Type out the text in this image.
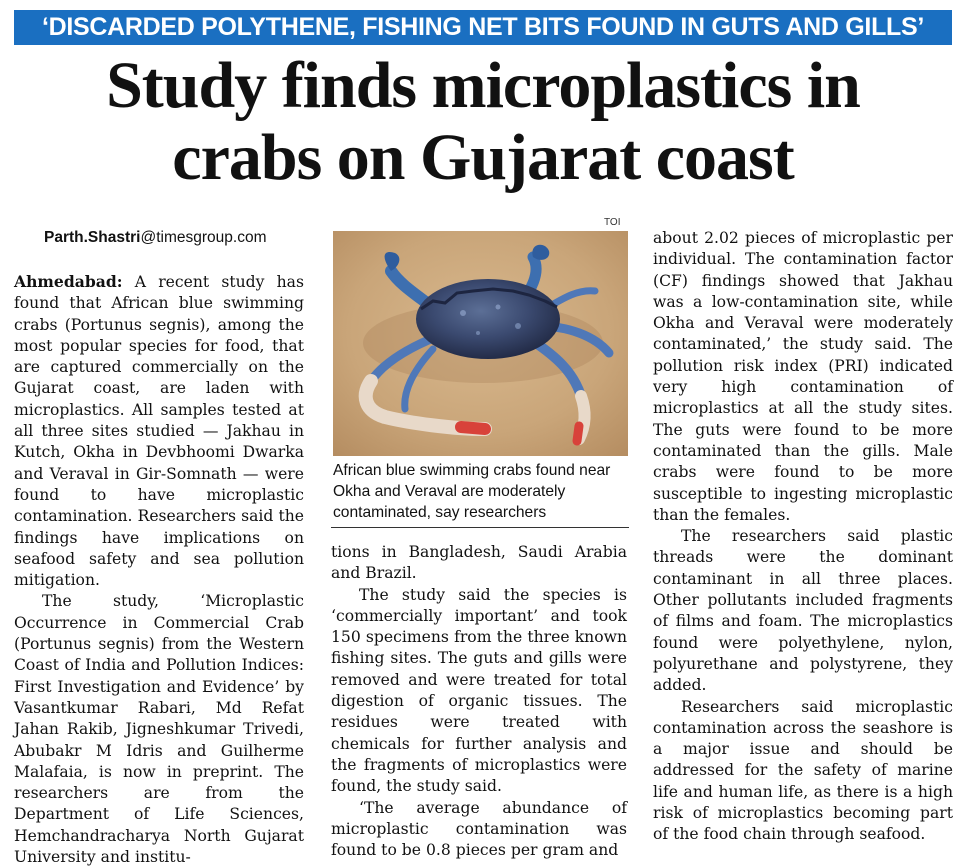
‘DISCARDED POLYTHENE, FISHING NET BITS FOUND IN GUTS AND GILLS’
Study finds microplastics in
crabs on Gujarat coast
Parth.Shastri@timesgroup.com

Ahmedabad: A recent study has found that African blue swimming crabs (Portunus segnis), among the most popular species for food, that are captured commercially on the Gujarat coast, are laden with microplastics. All samples tested at all three sites studied — Jakhau in Kutch, Okha in Devbhoomi Dwarka and Veraval in Gir-Somnath — were found to have microplastic contamination. Researchers said the findings have implications on seafood safety and sea pollution mitigation.

The study, ‘Microplastic Occurrence in Commercial Crab (Portunus segnis) from the Western Coast of India and Pollution Indices: First Investigation and Evidence’ by Vasantkumar Rabari, Md Refat Jahan Rakib, Jigneshkumar Trivedi, Abubakr M Idris and Guilherme Malafaia, is now in preprint. The researchers are from the Department of Life Sciences, Hemchandracharya North Gujarat University and institu-

TOI
African blue swimming crabs found near Okha and Veraval are moderately contaminated, say researchers

tions in Bangladesh, Saudi Arabia and Brazil.

The study said the species is ‘commercially important’ and took 150 specimens from the three known fishing sites. The guts and gills were removed and were treated for total digestion of organic tissues. The residues were treated with chemicals for further analysis and the fragments of microplastics were found, the study said.

‘The average abundance of microplastic contamination was found to be 0.8 pieces per gram and

about 2.02 pieces of microplastic per individual. The contamination factor (CF) findings showed that Jakhau was a low-contamination site, while Okha and Veraval were moderately contaminated,’ the study said. The pollution risk index (PRI) indicated very high contamination of microplastics at all the study sites. The guts were found to be more contaminated than the gills. Male crabs were found to be more susceptible to ingesting microplastic than the females.

The researchers said plastic threads were the dominant contaminant in all three places. Other pollutants included fragments of films and foam. The microplastics found were polyethylene, nylon, polyurethane and polystyrene, they added.

Researchers said microplastic contamination across the seashore is a major issue and should be addressed for the safety of marine life and human life, as there is a high risk of microplastics becoming part of the food chain through seafood.
